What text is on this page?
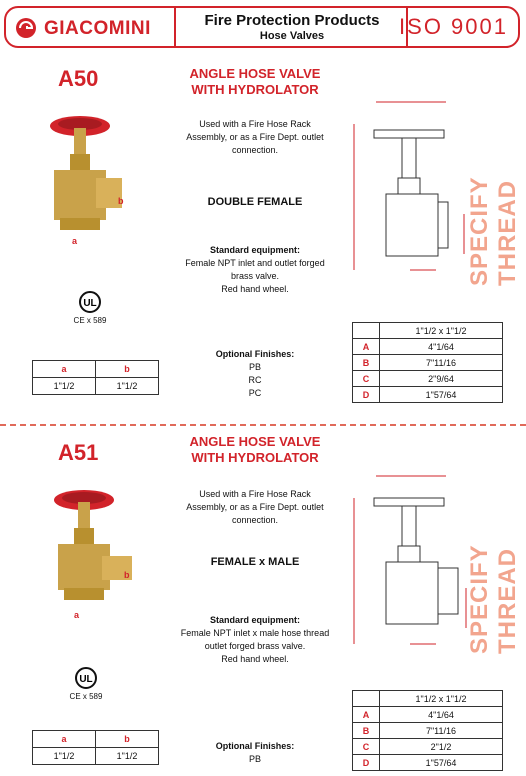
GIACOMINI	Fire Protection Products
Hose Valves	ISO 9001
A50	ANGLE HOSE VALVE
WITH HYDROLATOR
b
a
Used with a Fire Hose Rack
Assembly, or as a Fire Dept. outlet
connection.
DOUBLE FEMALE
Standard equipment:
Female NPT inlet and outlet forged
brass valve.
Red hand wheel.
UL
CE x 589
a	b
1"1/2	1"1/2
Optional Finishes:
PB
RC
PC
SPECIFY THREAD
	1"1/2 x 1"1/2
A	4"1/64
B	7"11/16
C	2"9/64
D	1"57/64
A51	ANGLE HOSE VALVE
WITH HYDROLATOR
b
a
Used with a Fire Hose Rack
Assembly, or as a Fire Dept. outlet
connection.
FEMALE x MALE
Standard equipment:
Female NPT inlet x male hose thread
outlet forged brass valve.
Red hand wheel.
UL
CE x 589
a	b
1"1/2	1"1/2
Optional Finishes:
PB
SPECIFY THREAD
	1"1/2 x 1"1/2
A	4"1/64
B	7"11/16
C	2"1/2
D	1"57/64
